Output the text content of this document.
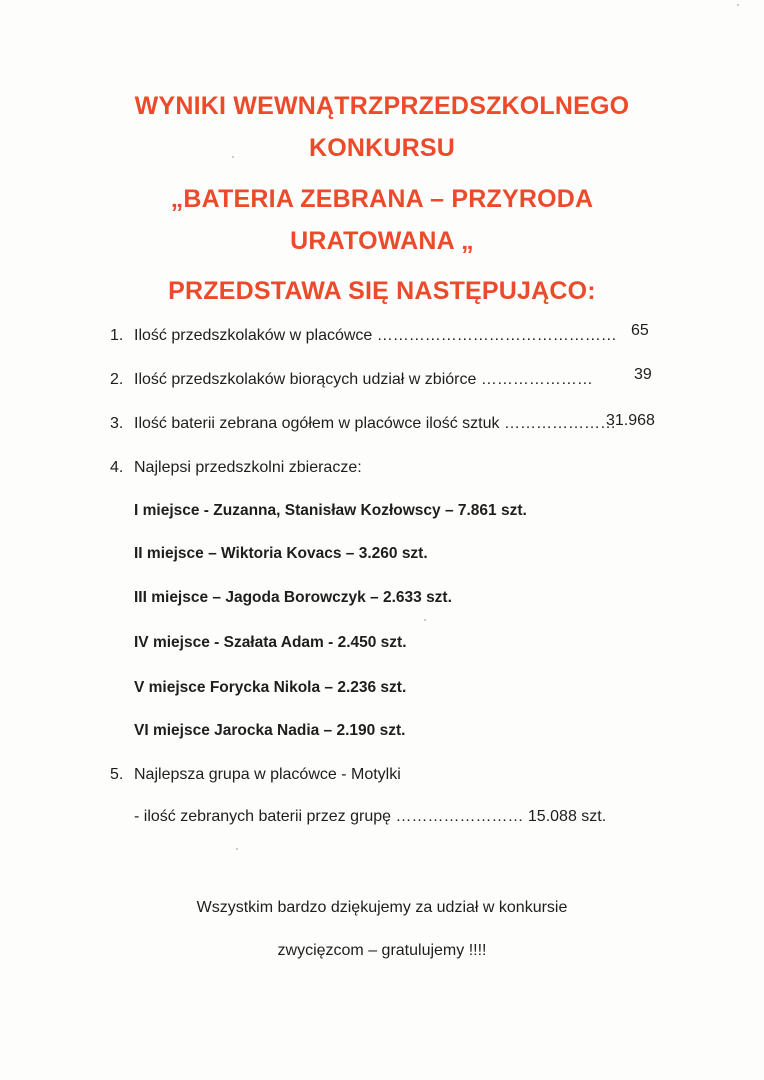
WYNIKI WEWNĄTRZPRZEDSZKOLNEGO
KONKURSU
„BATERIA ZEBRANA – PRZYRODA
URATOWANA „
PRZEDSTAWA SIĘ NASTĘPUJĄCO:
1. Ilość przedszkolaków w placówce ……………………………………… 65
2. Ilość przedszkolaków biorących udział w zbiórce …………………	39
3. Ilość baterii zebrana ogółem w placówce ilość sztuk …………………
31.968
4. Najlepsi przedszkolni zbieracze:
I miejsce - Zuzanna, Stanisław Kozłowscy – 7.861 szt.
II miejsce – Wiktoria Kovacs – 3.260 szt.
III miejsce – Jagoda Borowczyk – 2.633 szt.
IV miejsce - Szałata Adam - 2.450 szt.
V miejsce Forycka Nikola – 2.236 szt.
VI miejsce Jarocka Nadia – 2.190 szt.
5. Najlepsza grupa w placówce - Motylki
- ilość zebranych baterii przez grupę …………………… 15.088 szt.
Wszystkim bardzo dziękujemy za udział w konkursie
zwycięzcom – gratulujemy !!!!
